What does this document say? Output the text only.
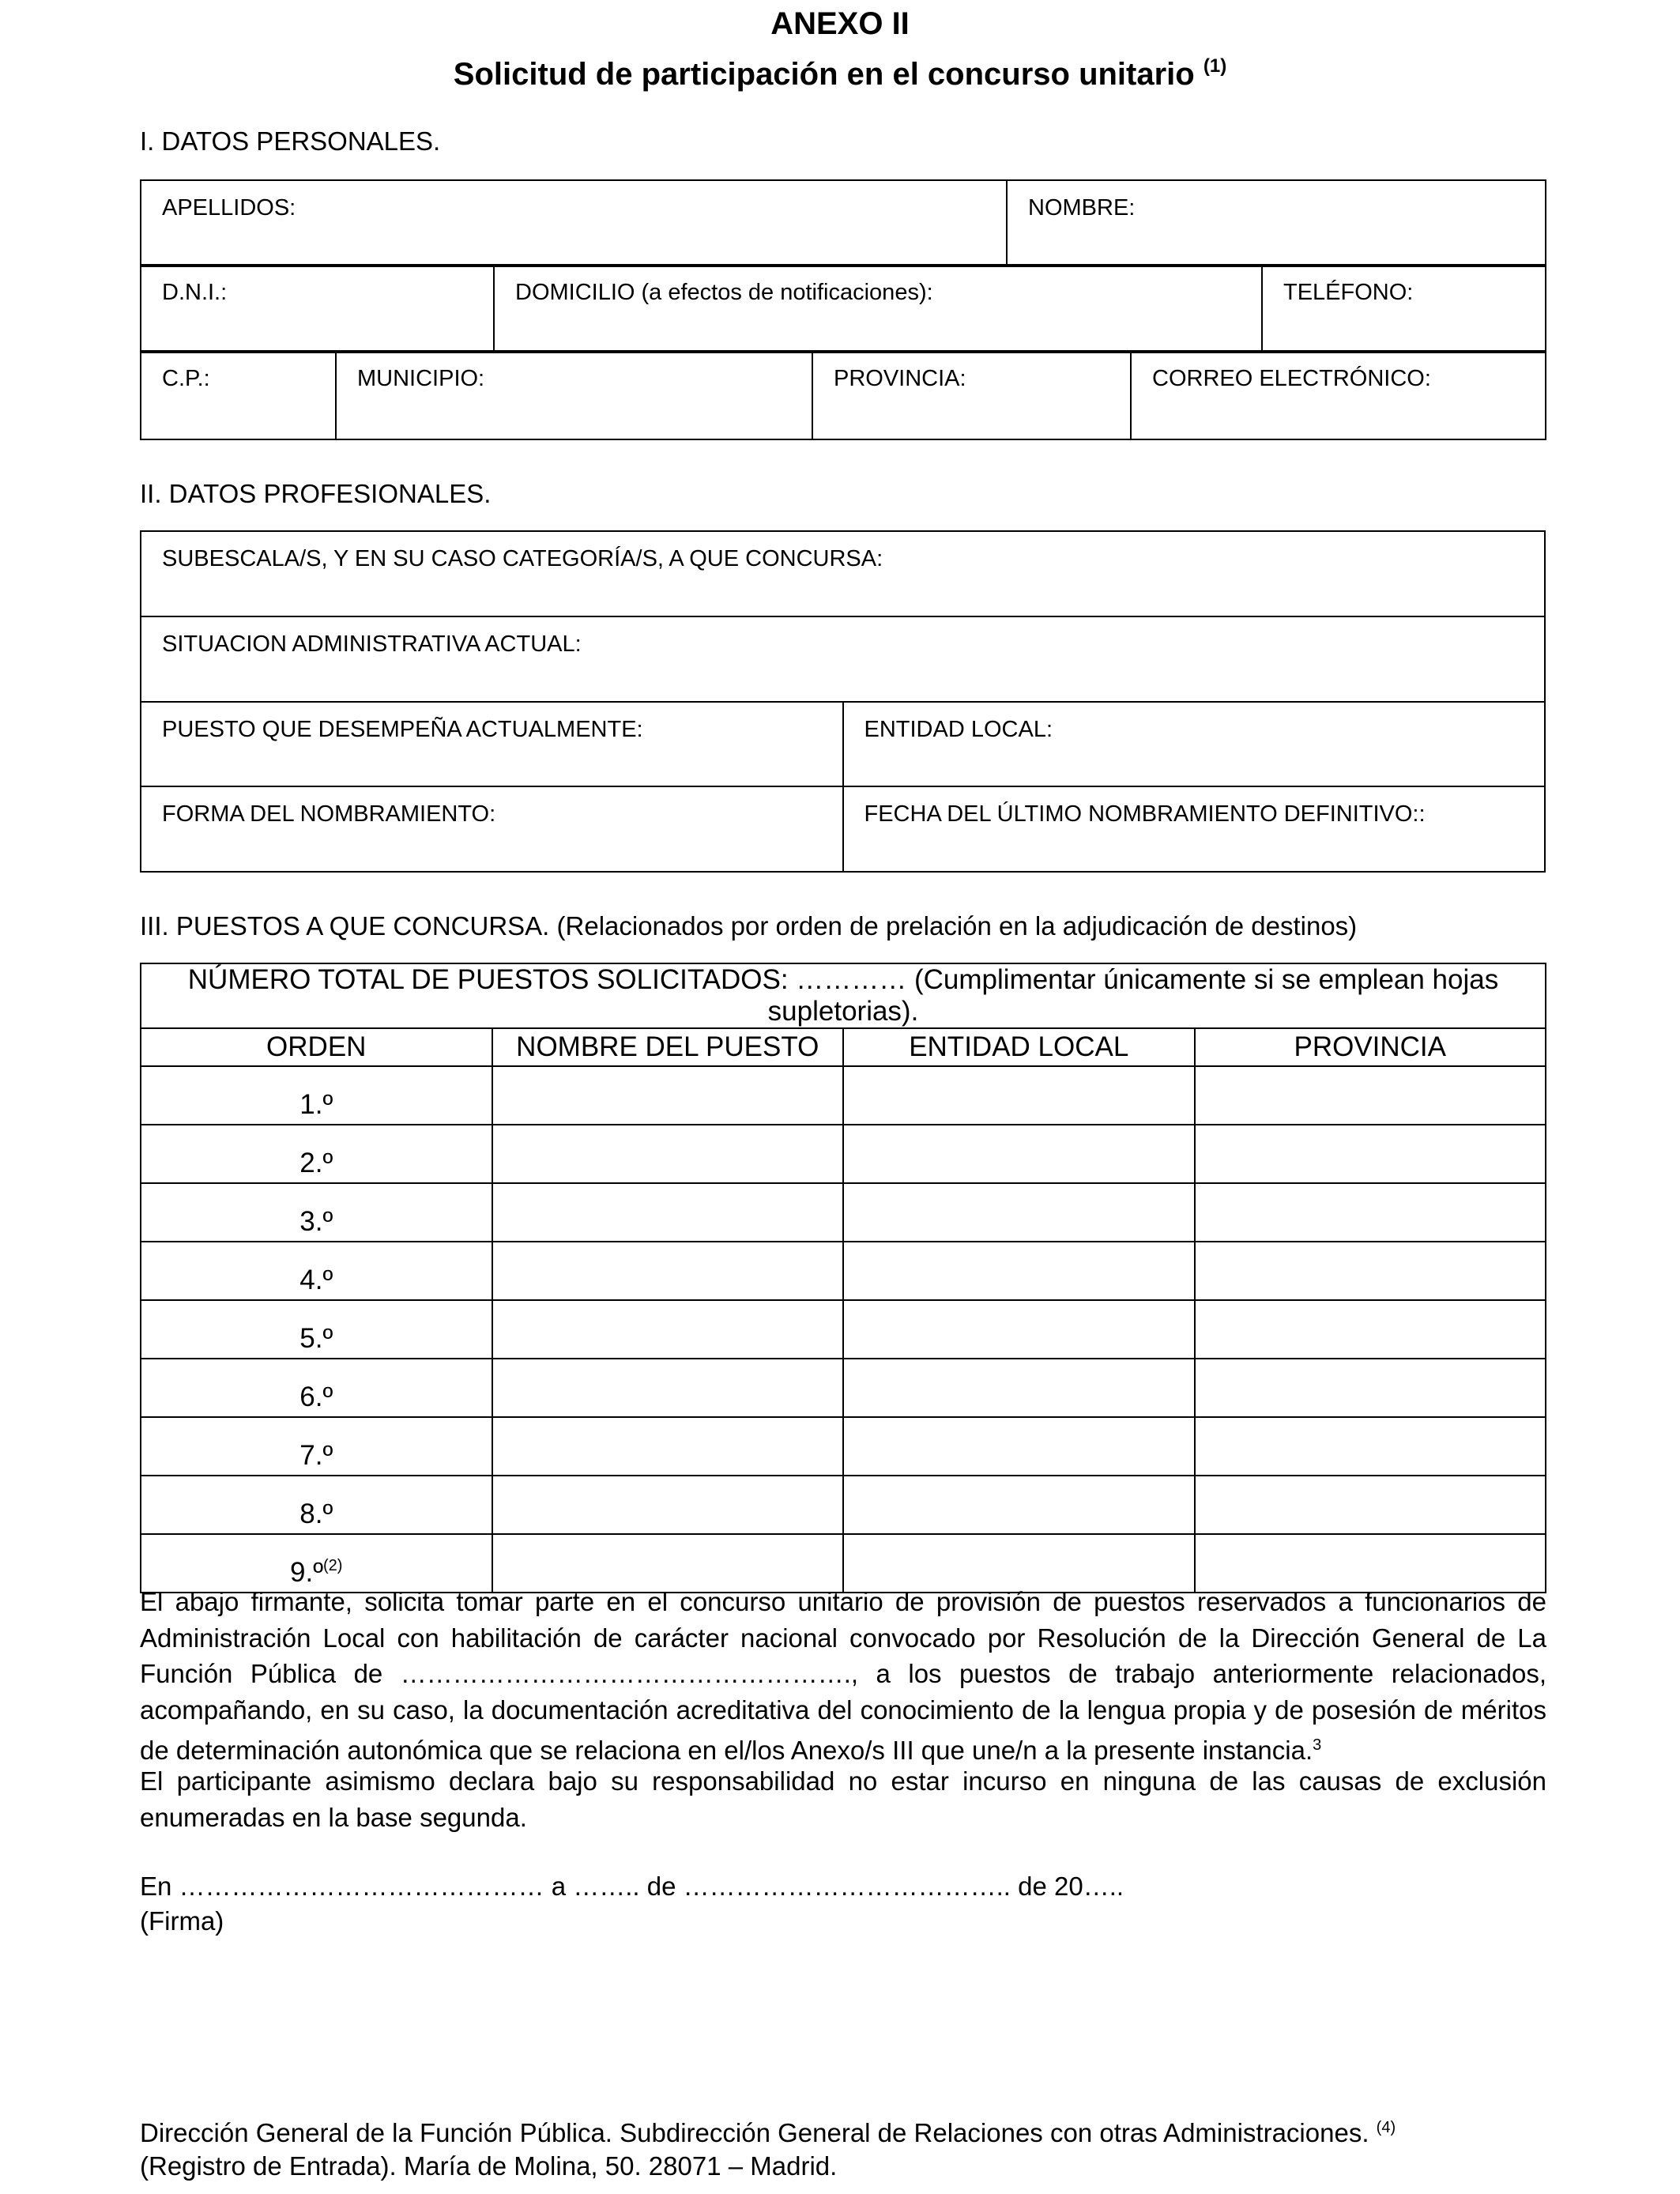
ANEXO II
Solicitud de participación en el concurso unitario $^{(1)}$
I. DATOS PERSONALES.
APELLIDOS:	NOMBRE:
D.N.I.:	DOMICILIO (a efectos de notificaciones):	TELÉFONO:
C.P.:	MUNICIPIO:	PROVINCIA:	CORREO ELECTRÓNICO:
II. DATOS PROFESIONALES.
SUBESCALA/S, Y EN SU CASO CATEGORÍA/S, A QUE CONCURSA:	
SITUACION ADMINISTRATIVA ACTUAL:	
PUESTO QUE DESEMPEÑA ACTUALMENTE:	ENTIDAD LOCAL:
FORMA DEL NOMBRAMIENTO:	FECHA DEL ÚLTIMO NOMBRAMIENTO DEFINITIVO::
III. PUESTOS A QUE CONCURSA. (Relacionados por orden de prelación en la adjudicación de destinos)
NÚMERO TOTAL DE PUESTOS SOLICITADOS: ………… (Cumplimentar únicamente si se emplean hojas supletorias).			
ORDEN	NOMBRE DEL PUESTO	ENTIDAD LOCAL	PROVINCIA
1.º			
2.º			
3.º			
4.º			
5.º			
6.º			
7.º			
8.º			
9.º$^{(2)}$			
El abajo firmante, solicita tomar parte en el concurso unitario de provisión de puestos reservados a funcionarios de Administración Local con habilitación de carácter nacional convocado por Resolución de la Dirección General de La Función Pública de ……………………………………………., a los puestos de trabajo anteriormente relacionados, acompañando, en su caso, la documentación acreditativa del conocimiento de la lengua propia y de posesión de méritos de determinación autonómica que se relaciona en el/los Anexo/s III que une/n a la presente instancia.$^3$
El participante asimismo declara bajo su responsabilidad no estar incurso en ninguna de las causas de exclusión enumeradas en la base segunda.
En …………………………………… a …….. de ……………………………….. de 20…..
(Firma)
Dirección General de la Función Pública. Subdirección General de Relaciones con otras Administraciones. $^{(4)}$
(Registro de Entrada). María de Molina, 50. 28071 – Madrid.
